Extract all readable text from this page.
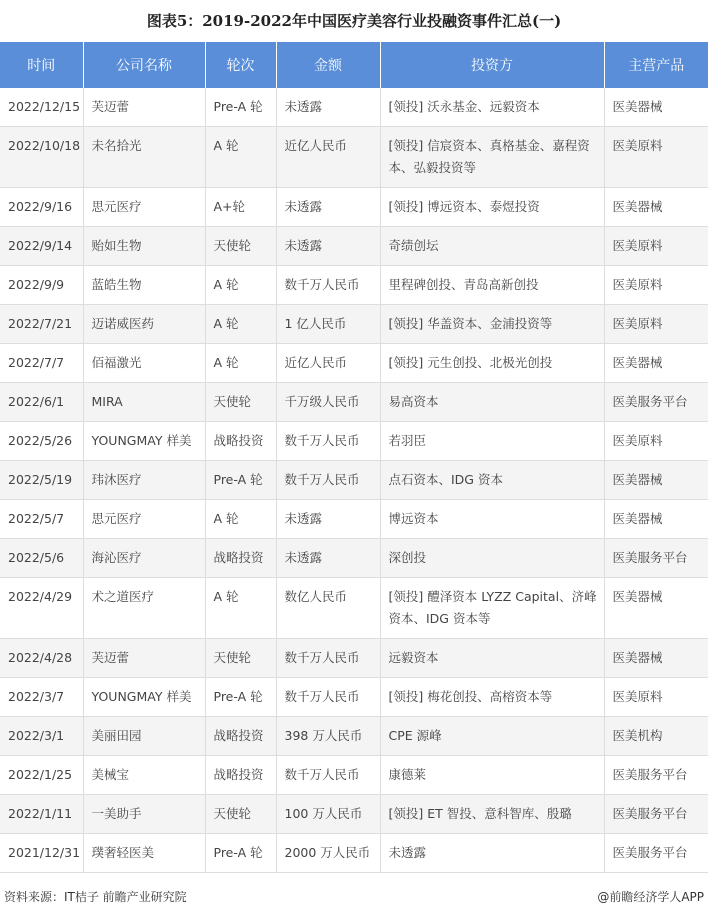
图表5：2019-2022年中国医疗美容行业投融资事件汇总(一)
时间	公司名称	轮次	金额	投资方	主营产品
2022/12/15	芙迈蕾	Pre-A 轮	未透露	[领投] 沃永基金、远毅资本	医美器械
2022/10/18	未名拾光	A 轮	近亿人民币	[领投] 信宸资本、真格基金、嘉程资本、弘毅投资等	医美原料
2022/9/16	思元医疗	A+轮	未透露	[领投] 博远资本、泰煜投资	医美器械
2022/9/14	贻如生物	天使轮	未透露	奇绩创坛	医美原料
2022/9/9	蓝皓生物	A 轮	数千万人民币	里程碑创投、青岛高新创投	医美原料
2022/7/21	迈诺威医药	A 轮	1 亿人民币	[领投] 华盖资本、金浦投资等	医美原料
2022/7/7	佰福激光	A 轮	近亿人民币	[领投] 元生创投、北极光创投	医美器械
2022/6/1	MIRA	天使轮	千万级人民币	易高资本	医美服务平台
2022/5/26	YOUNGMAY 样美	战略投资	数千万人民币	若羽臣	医美原料
2022/5/19	玮沐医疗	Pre-A 轮	数千万人民币	点石资本、IDG 资本	医美器械
2022/5/7	思元医疗	A 轮	未透露	博远资本	医美器械
2022/5/6	海沁医疗	战略投资	未透露	深创投	医美服务平台
2022/4/29	术之道医疗	A 轮	数亿人民币	[领投] 醴泽资本 LYZZ Capital、济峰资本、IDG 资本等	医美器械
2022/4/28	芙迈蕾	天使轮	数千万人民币	远毅资本	医美器械
2022/3/7	YOUNGMAY 样美	Pre-A 轮	数千万人民币	[领投] 梅花创投、高榕资本等	医美原料
2022/3/1	美丽田园	战略投资	398 万人民币	CPE 源峰	医美机构
2022/1/25	美械宝	战略投资	数千万人民币	康德莱	医美服务平台
2022/1/11	一美助手	天使轮	100 万人民币	[领投] ET 智投、意科智库、殷璐	医美服务平台
2021/12/31	璞奢轻医美	Pre-A 轮	2000 万人民币	未透露	医美服务平台
资料来源：IT桔子 前瞻产业研究院	@前瞻经济学人APP
